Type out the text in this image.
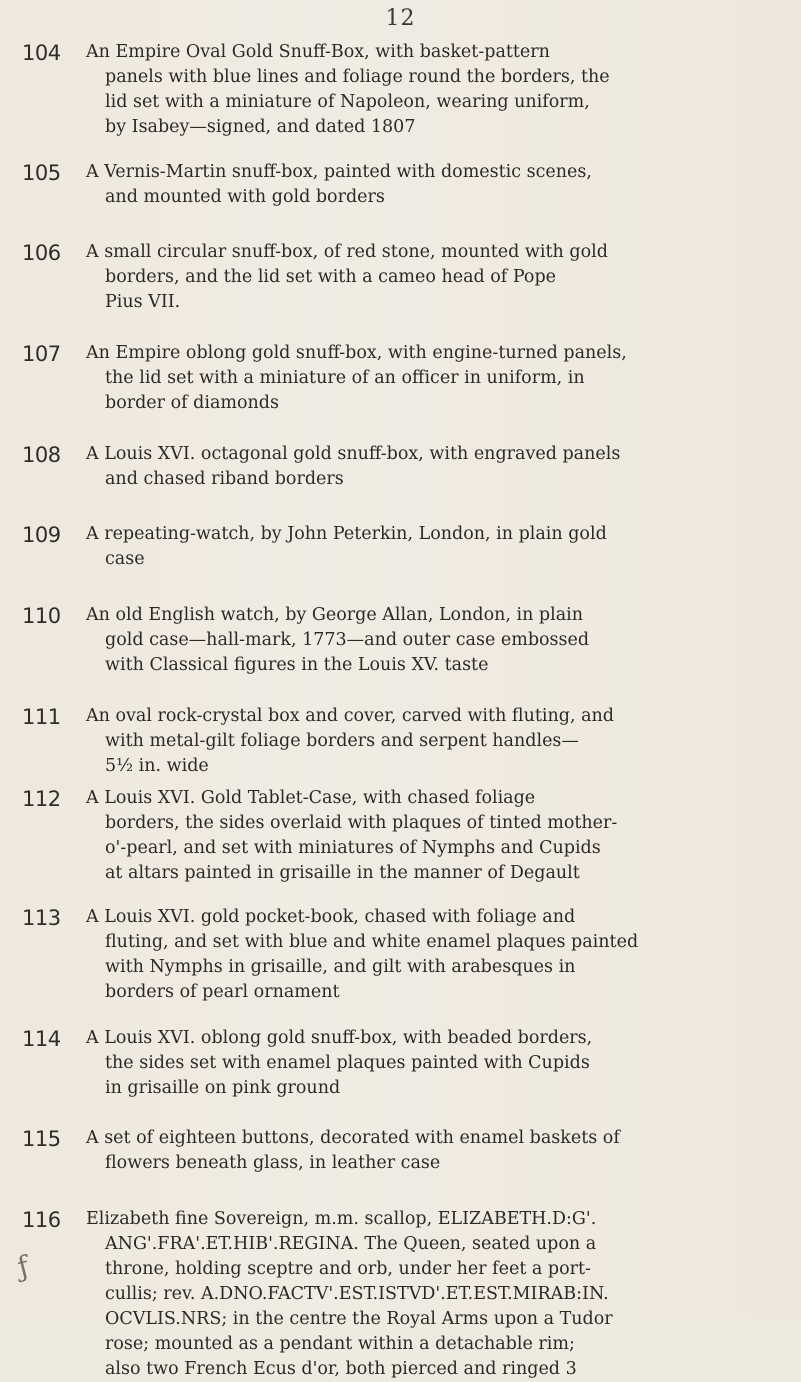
12
104	An Empire Oval Gold Snuff-Box, with basket-pattern
panels with blue lines and foliage round the borders, the
lid set with a miniature of Napoleon, wearing uniform,
by Isabey—signed, and dated 1807
105	A Vernis-Martin snuff-box, painted with domestic scenes,
and mounted with gold borders
106	A small circular snuff-box, of red stone, mounted with gold
borders, and the lid set with a cameo head of Pope
Pius VII.
107	An Empire oblong gold snuff-box, with engine-turned panels,
the lid set with a miniature of an officer in uniform, in
border of diamonds
108	A Louis XVI. octagonal gold snuff-box, with engraved panels
and chased riband borders
109	A repeating-watch, by John Peterkin, London, in plain gold
case
110	An old English watch, by George Allan, London, in plain
gold case—hall-mark, 1773—and outer case embossed
with Classical figures in the Louis XV. taste
111	An oval rock-crystal box and cover, carved with fluting, and
with metal-gilt foliage borders and serpent handles—
5½ in. wide
112	A Louis XVI. Gold Tablet-Case, with chased foliage
borders, the sides overlaid with plaques of tinted mother-
o'-pearl, and set with miniatures of Nymphs and Cupids
at altars painted in grisaille in the manner of Degault
113	A Louis XVI. gold pocket-book, chased with foliage and
fluting, and set with blue and white enamel plaques painted
with Nymphs in grisaille, and gilt with arabesques in
borders of pearl ornament
114	A Louis XVI. oblong gold snuff-box, with beaded borders,
the sides set with enamel plaques painted with Cupids
in grisaille on pink ground
115	A set of eighteen buttons, decorated with enamel baskets of
flowers beneath glass, in leather case
116	Elizabeth fine Sovereign, m.m. scallop, ELIZABETH.D:G'.
ANG'.FRA'.ET.HIB'.REGINA. The Queen, seated upon a
throne, holding sceptre and orb, under her feet a port-
cullis; rev. A.DNO.FACTV'.EST.ISTVD'.ET.EST.MIRAB:IN.
OCVLIS.NRS; in the centre the Royal Arms upon a Tudor
rose; mounted as a pendant within a detachable rim;
also two French Ecus d'or, both pierced and ringed 3
ƒ
